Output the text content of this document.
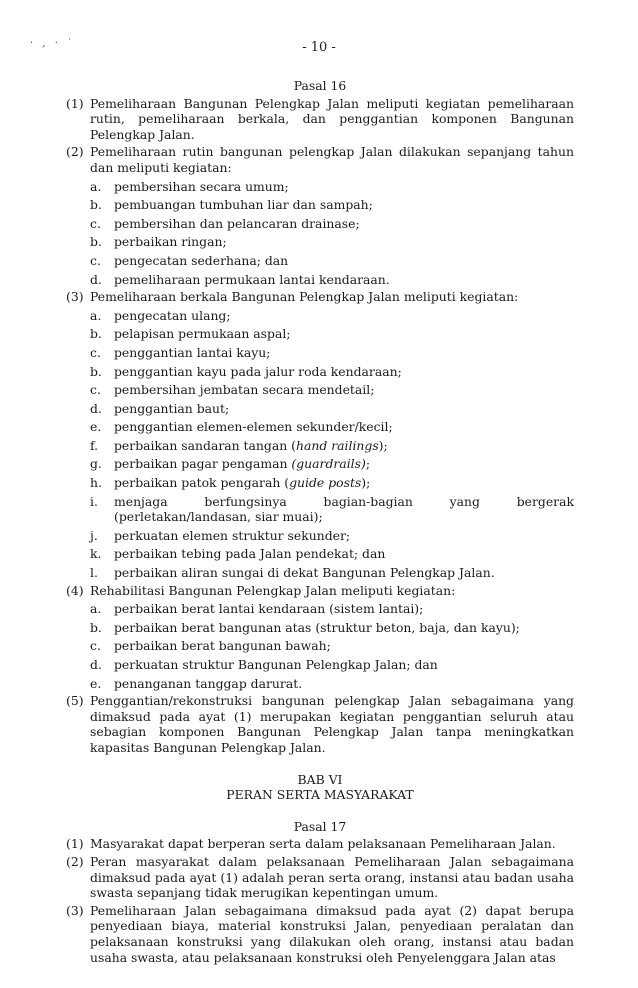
· , · ˙	- 10 -
Pasal 16
(1) Pemeliharaan Bangunan Pelengkap Jalan meliputi kegiatan pemeliharaan rutin, pemeliharaan berkala, dan penggantian komponen Bangunan Pelengkap Jalan.
(2) Pemeliharaan rutin bangunan pelengkap Jalan dilakukan sepanjang tahun dan meliputi kegiatan:
a. pembersihan secara umum;
b. pembuangan tumbuhan liar dan sampah;
c. pembersihan dan pelancaran drainase;
b. perbaikan ringan;
c. pengecatan sederhana; dan
d. pemeliharaan permukaan lantai kendaraan.
(3) Pemeliharaan berkala Bangunan Pelengkap Jalan meliputi kegiatan:
a. pengecatan ulang;
b. pelapisan permukaan aspal;
c. penggantian lantai kayu;
b. penggantian kayu pada jalur roda kendaraan;
c. pembersihan jembatan secara mendetail;
d. penggantian baut;
e. penggantian elemen-elemen sekunder/kecil;
f. perbaikan sandaran tangan (hand railings);
g. perbaikan pagar pengaman (guardrails);
h. perbaikan patok pengarah (guide posts);
i. menjaga	berfungsinya	bagian-bagian	yang	bergerak
(perletakan/landasan, siar muai);
j. perkuatan elemen struktur sekunder;
k. perbaikan tebing pada Jalan pendekat; dan
l. perbaikan aliran sungai di dekat Bangunan Pelengkap Jalan.
(4) Rehabilitasi Bangunan Pelengkap Jalan meliputi kegiatan:
a. perbaikan berat lantai kendaraan (sistem lantai);
b. perbaikan berat bangunan atas (struktur beton, baja, dan kayu);
c. perbaikan berat bangunan bawah;
d. perkuatan struktur Bangunan Pelengkap Jalan; dan
e. penanganan tanggap darurat.
(5) Penggantian/rekonstruksi bangunan pelengkap Jalan sebagaimana yang dimaksud pada ayat (1) merupakan kegiatan penggantian seluruh atau sebagian komponen Bangunan Pelengkap Jalan tanpa meningkatkan kapasitas Bangunan Pelengkap Jalan.
BAB VI
PERAN SERTA MASYARAKAT
Pasal 17
(1) Masyarakat dapat berperan serta dalam pelaksanaan Pemeliharaan Jalan.
(2) Peran masyarakat dalam pelaksanaan Pemeliharaan Jalan sebagaimana dimaksud pada ayat (1) adalah peran serta orang, instansi atau badan usaha swasta sepanjang tidak merugikan kepentingan umum.
(3) Pemeliharaan Jalan sebagaimana dimaksud pada ayat (2) dapat berupa penyediaan biaya, material konstruksi Jalan, penyediaan peralatan dan pelaksanaan konstruksi yang dilakukan oleh orang, instansi atau badan usaha swasta, atau pelaksanaan konstruksi oleh Penyelenggara Jalan atas
